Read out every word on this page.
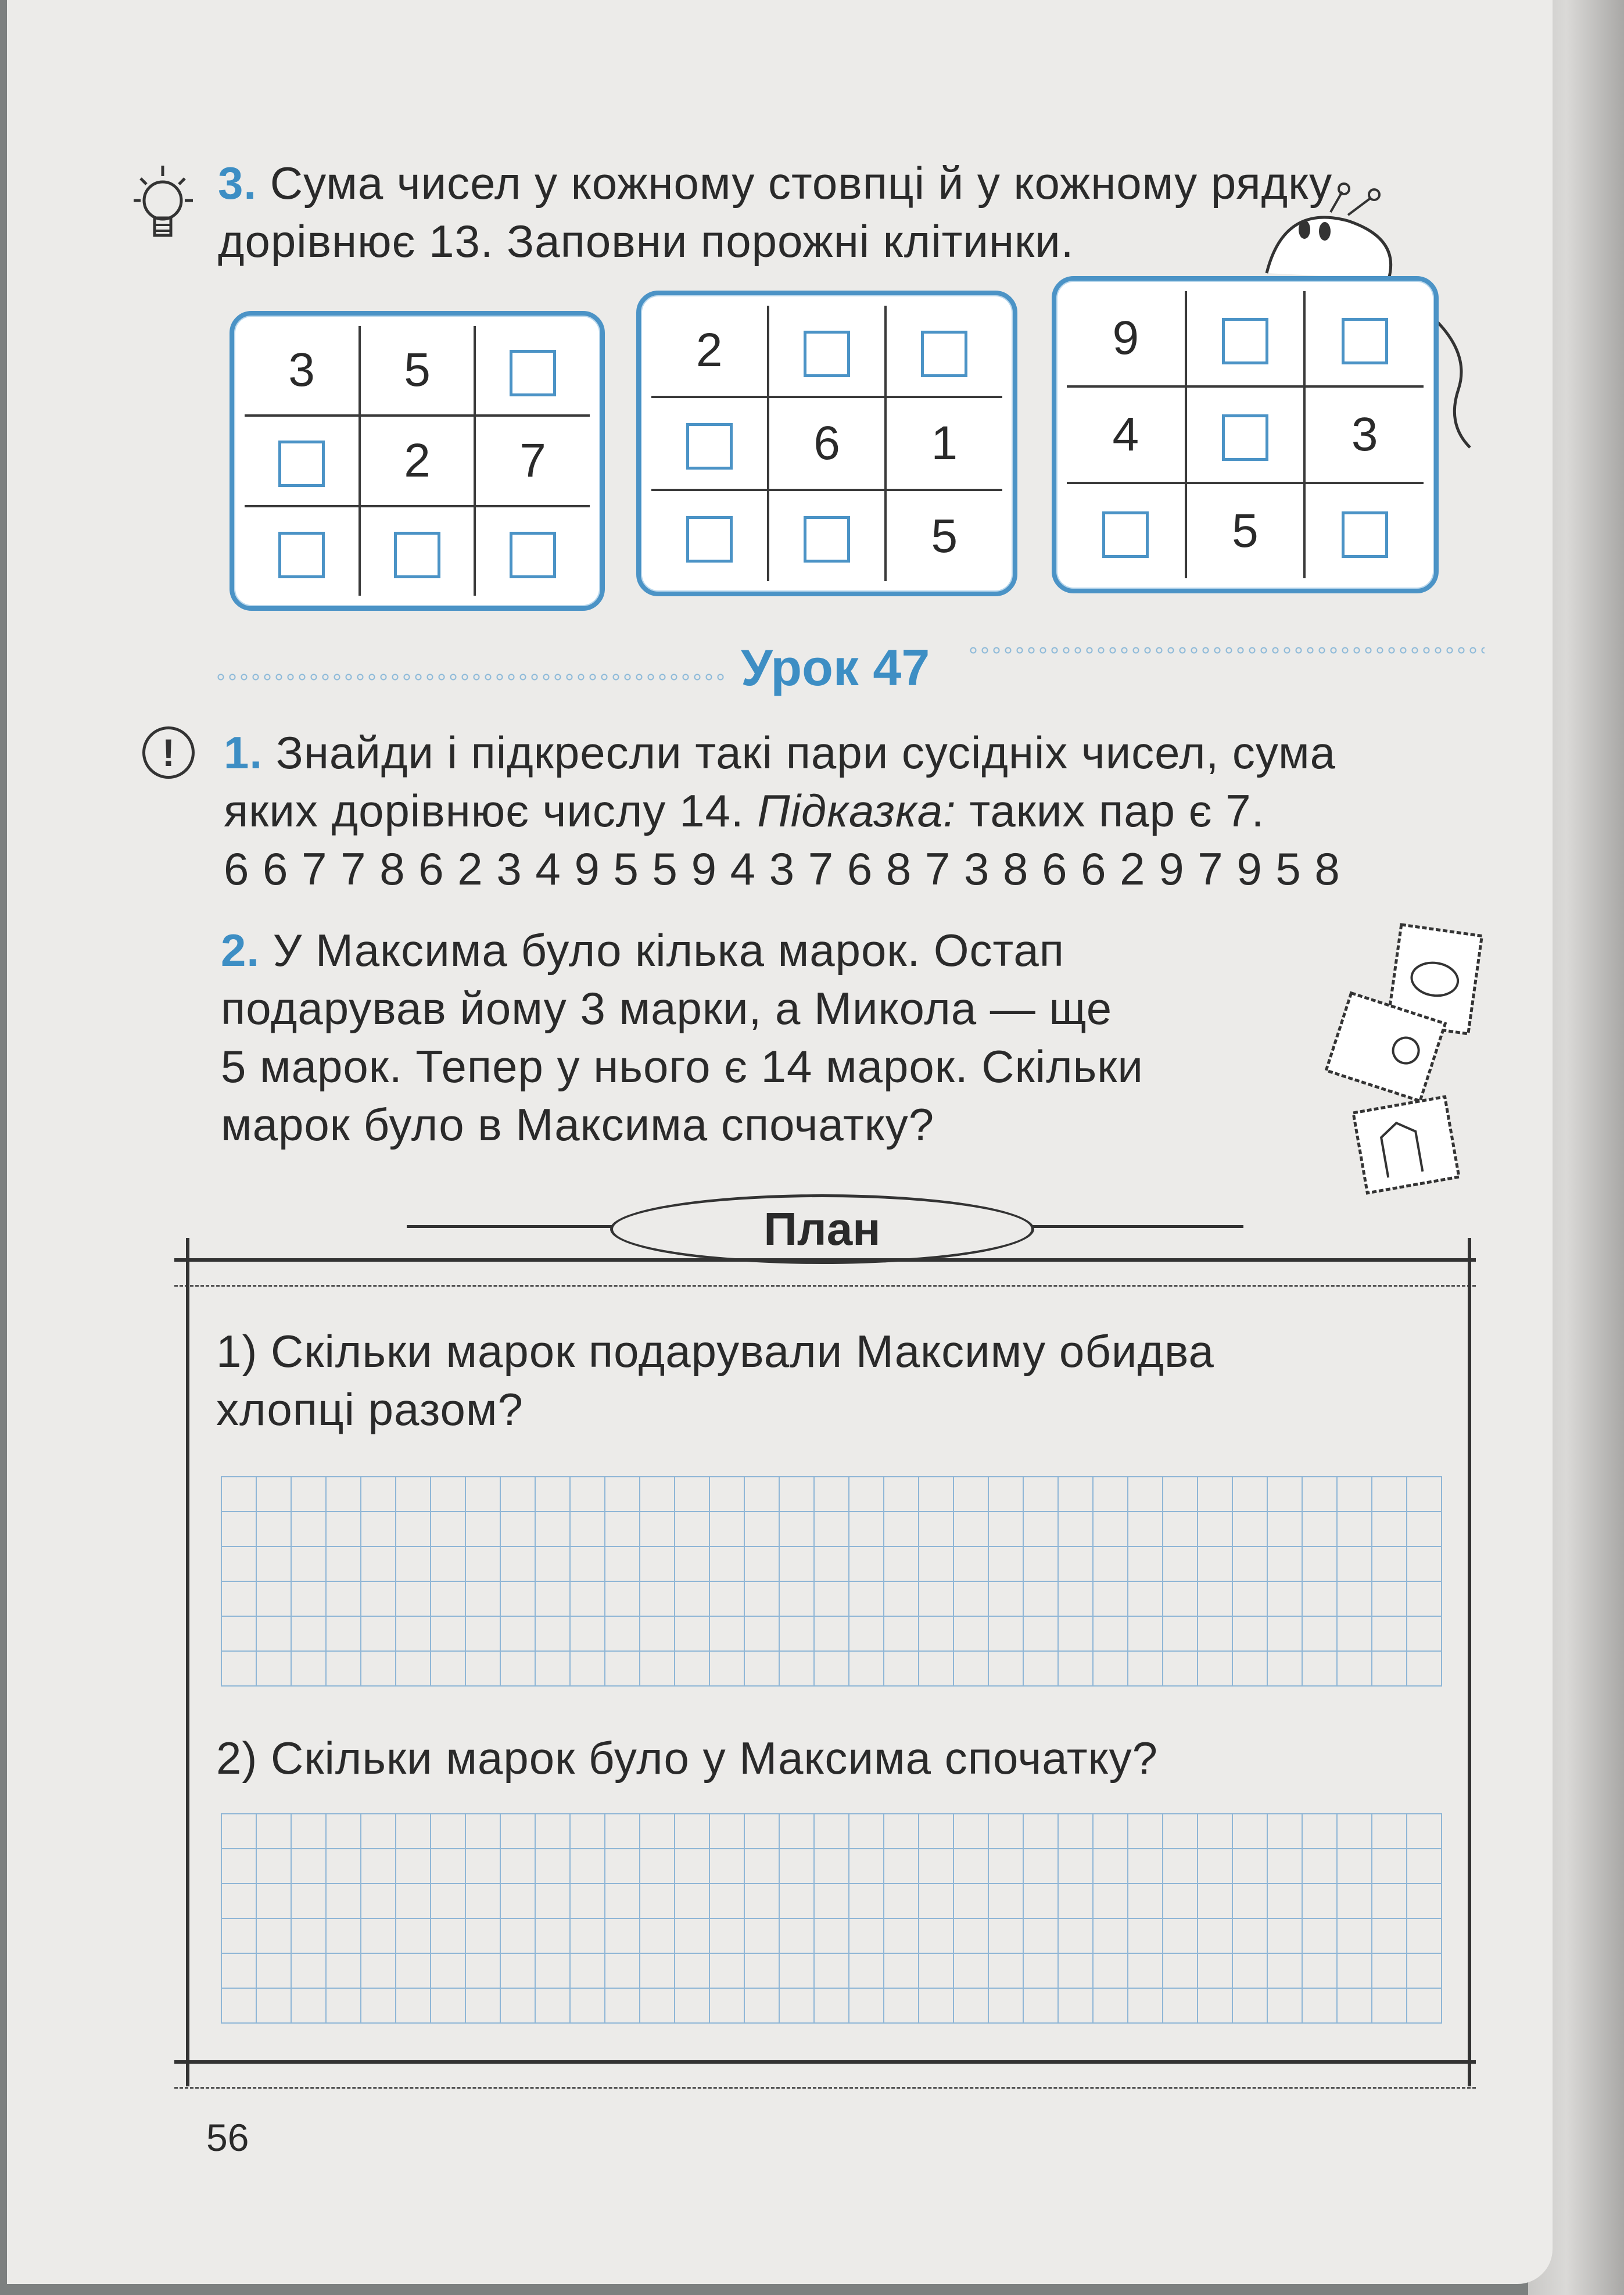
3. Сума чисел у кожному стовпці й у кожному рядку
дорівнює 13. Заповни порожні клітинки.
3	5	
	2	7

2		
	6	1
		5
9		
4		3
	5	
Урок 47
!	1. Знайди і підкресли такі пари сусідніх чисел, сума
яких дорівнює числу 14. Підказка: таких пар є 7.
6 6 7 7 8 6 2 3 4 9 5 5 9 4 3 7 6 8 7 3 8 6 6 2 9 7 9 5 8
2. У Максима було кілька марок. Остап
подарував йому 3 марки, а Микола — ще
5 марок. Тепер у нього є 14 марок. Скільки
марок було в Максима спочатку?
План
1) Скільки марок подарували Максиму обидва
хлопці разом?
2) Скільки марок було у Максима спочатку?
56
